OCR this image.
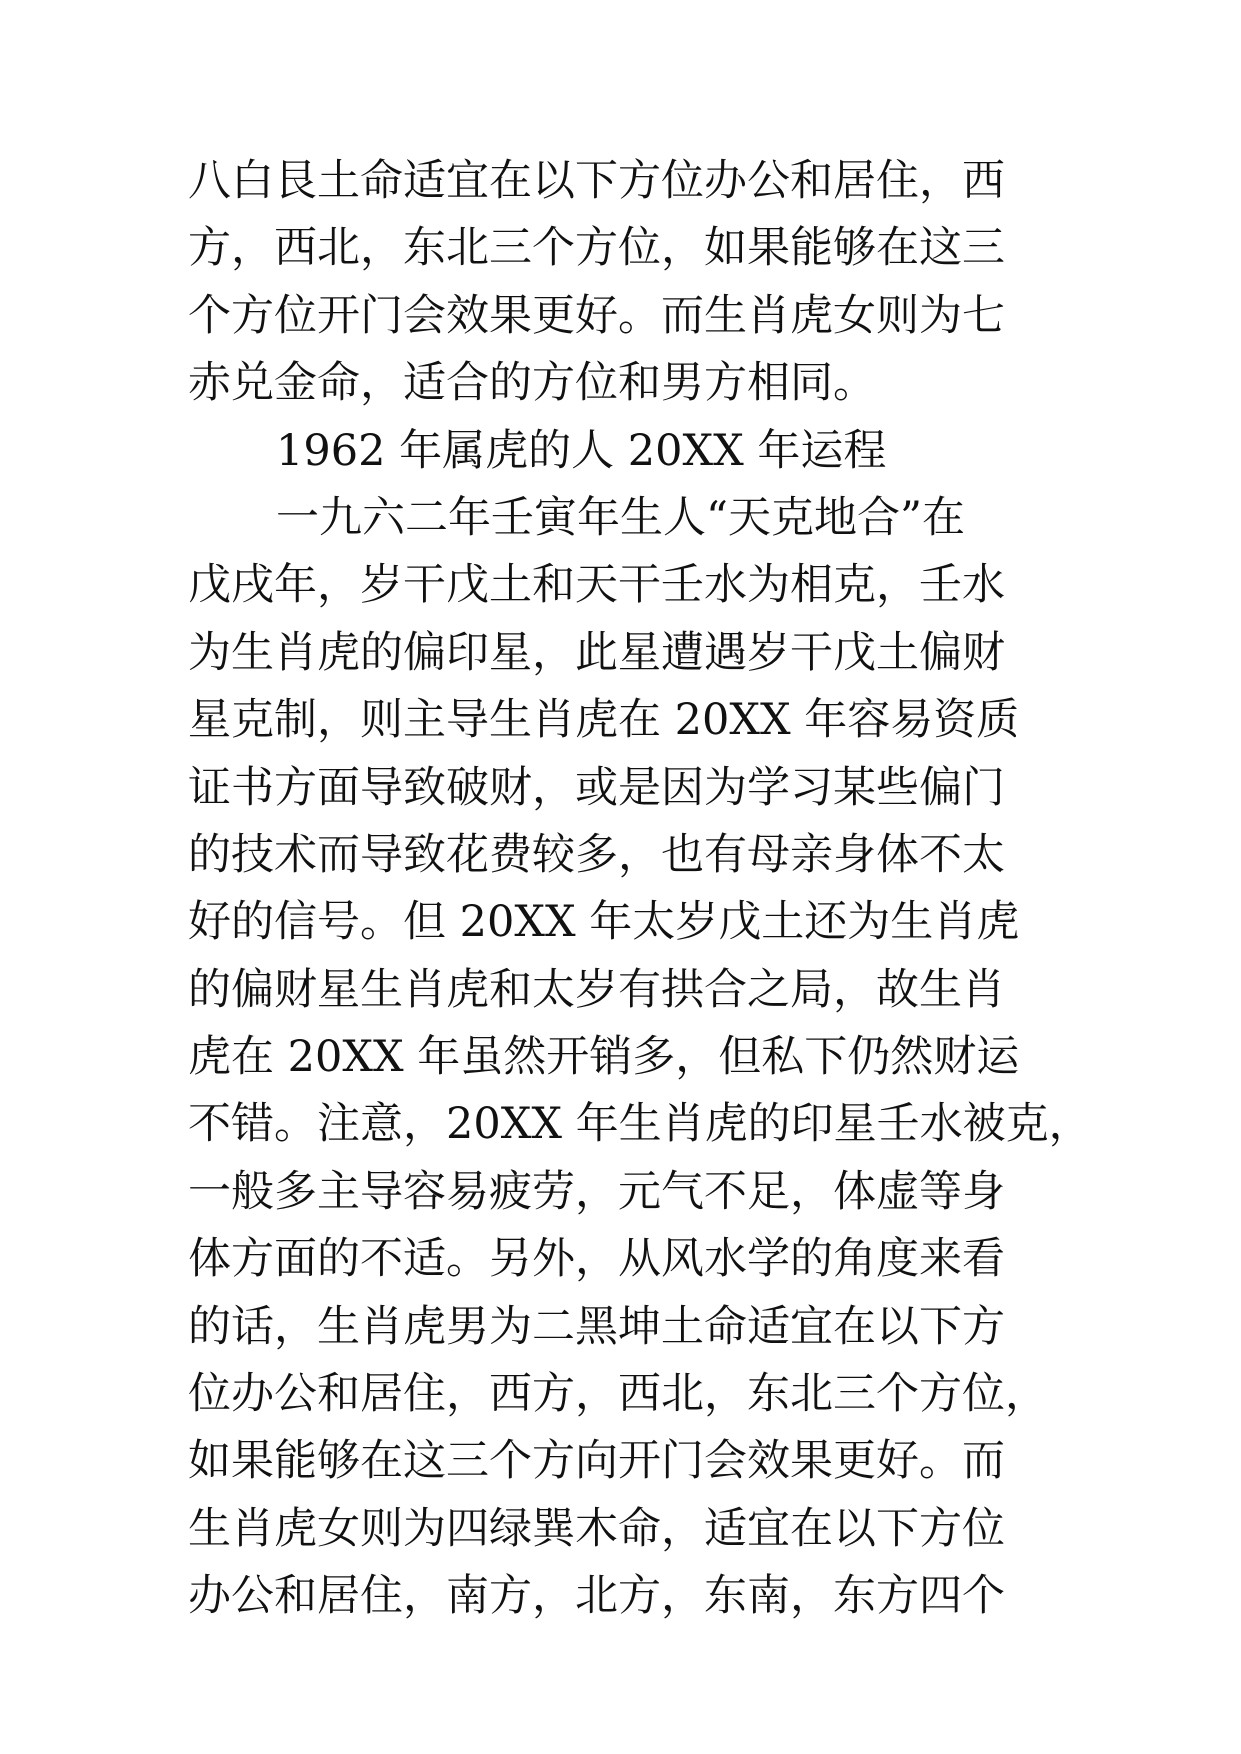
八白艮土命适宜在以下方位办公和居住，西
方，西北，东北三个方位，如果能够在这三
个方位开门会效果更好。而生肖虎女则为七
赤兑金命，适合的方位和男方相同。
1962 年属虎的人 20XX 年运程
一九六二年壬寅年生人“天克地合”在
戊戌年，岁干戊土和天干壬水为相克，壬水
为生肖虎的偏印星，此星遭遇岁干戊土偏财
星克制，则主导生肖虎在 20XX 年容易资质
证书方面导致破财，或是因为学习某些偏门
的技术而导致花费较多，也有母亲身体不太
好的信号。但 20XX 年太岁戊土还为生肖虎
的偏财星生肖虎和太岁有拱合之局，故生肖
虎在 20XX 年虽然开销多，但私下仍然财运
不错。注意，20XX 年生肖虎的印星壬水被克，
一般多主导容易疲劳，元气不足，体虚等身
体方面的不适。另外，从风水学的角度来看
的话，生肖虎男为二黑坤土命适宜在以下方
位办公和居住，西方，西北，东北三个方位，
如果能够在这三个方向开门会效果更好。而
生肖虎女则为四绿巽木命，适宜在以下方位
办公和居住，南方，北方，东南，东方四个
